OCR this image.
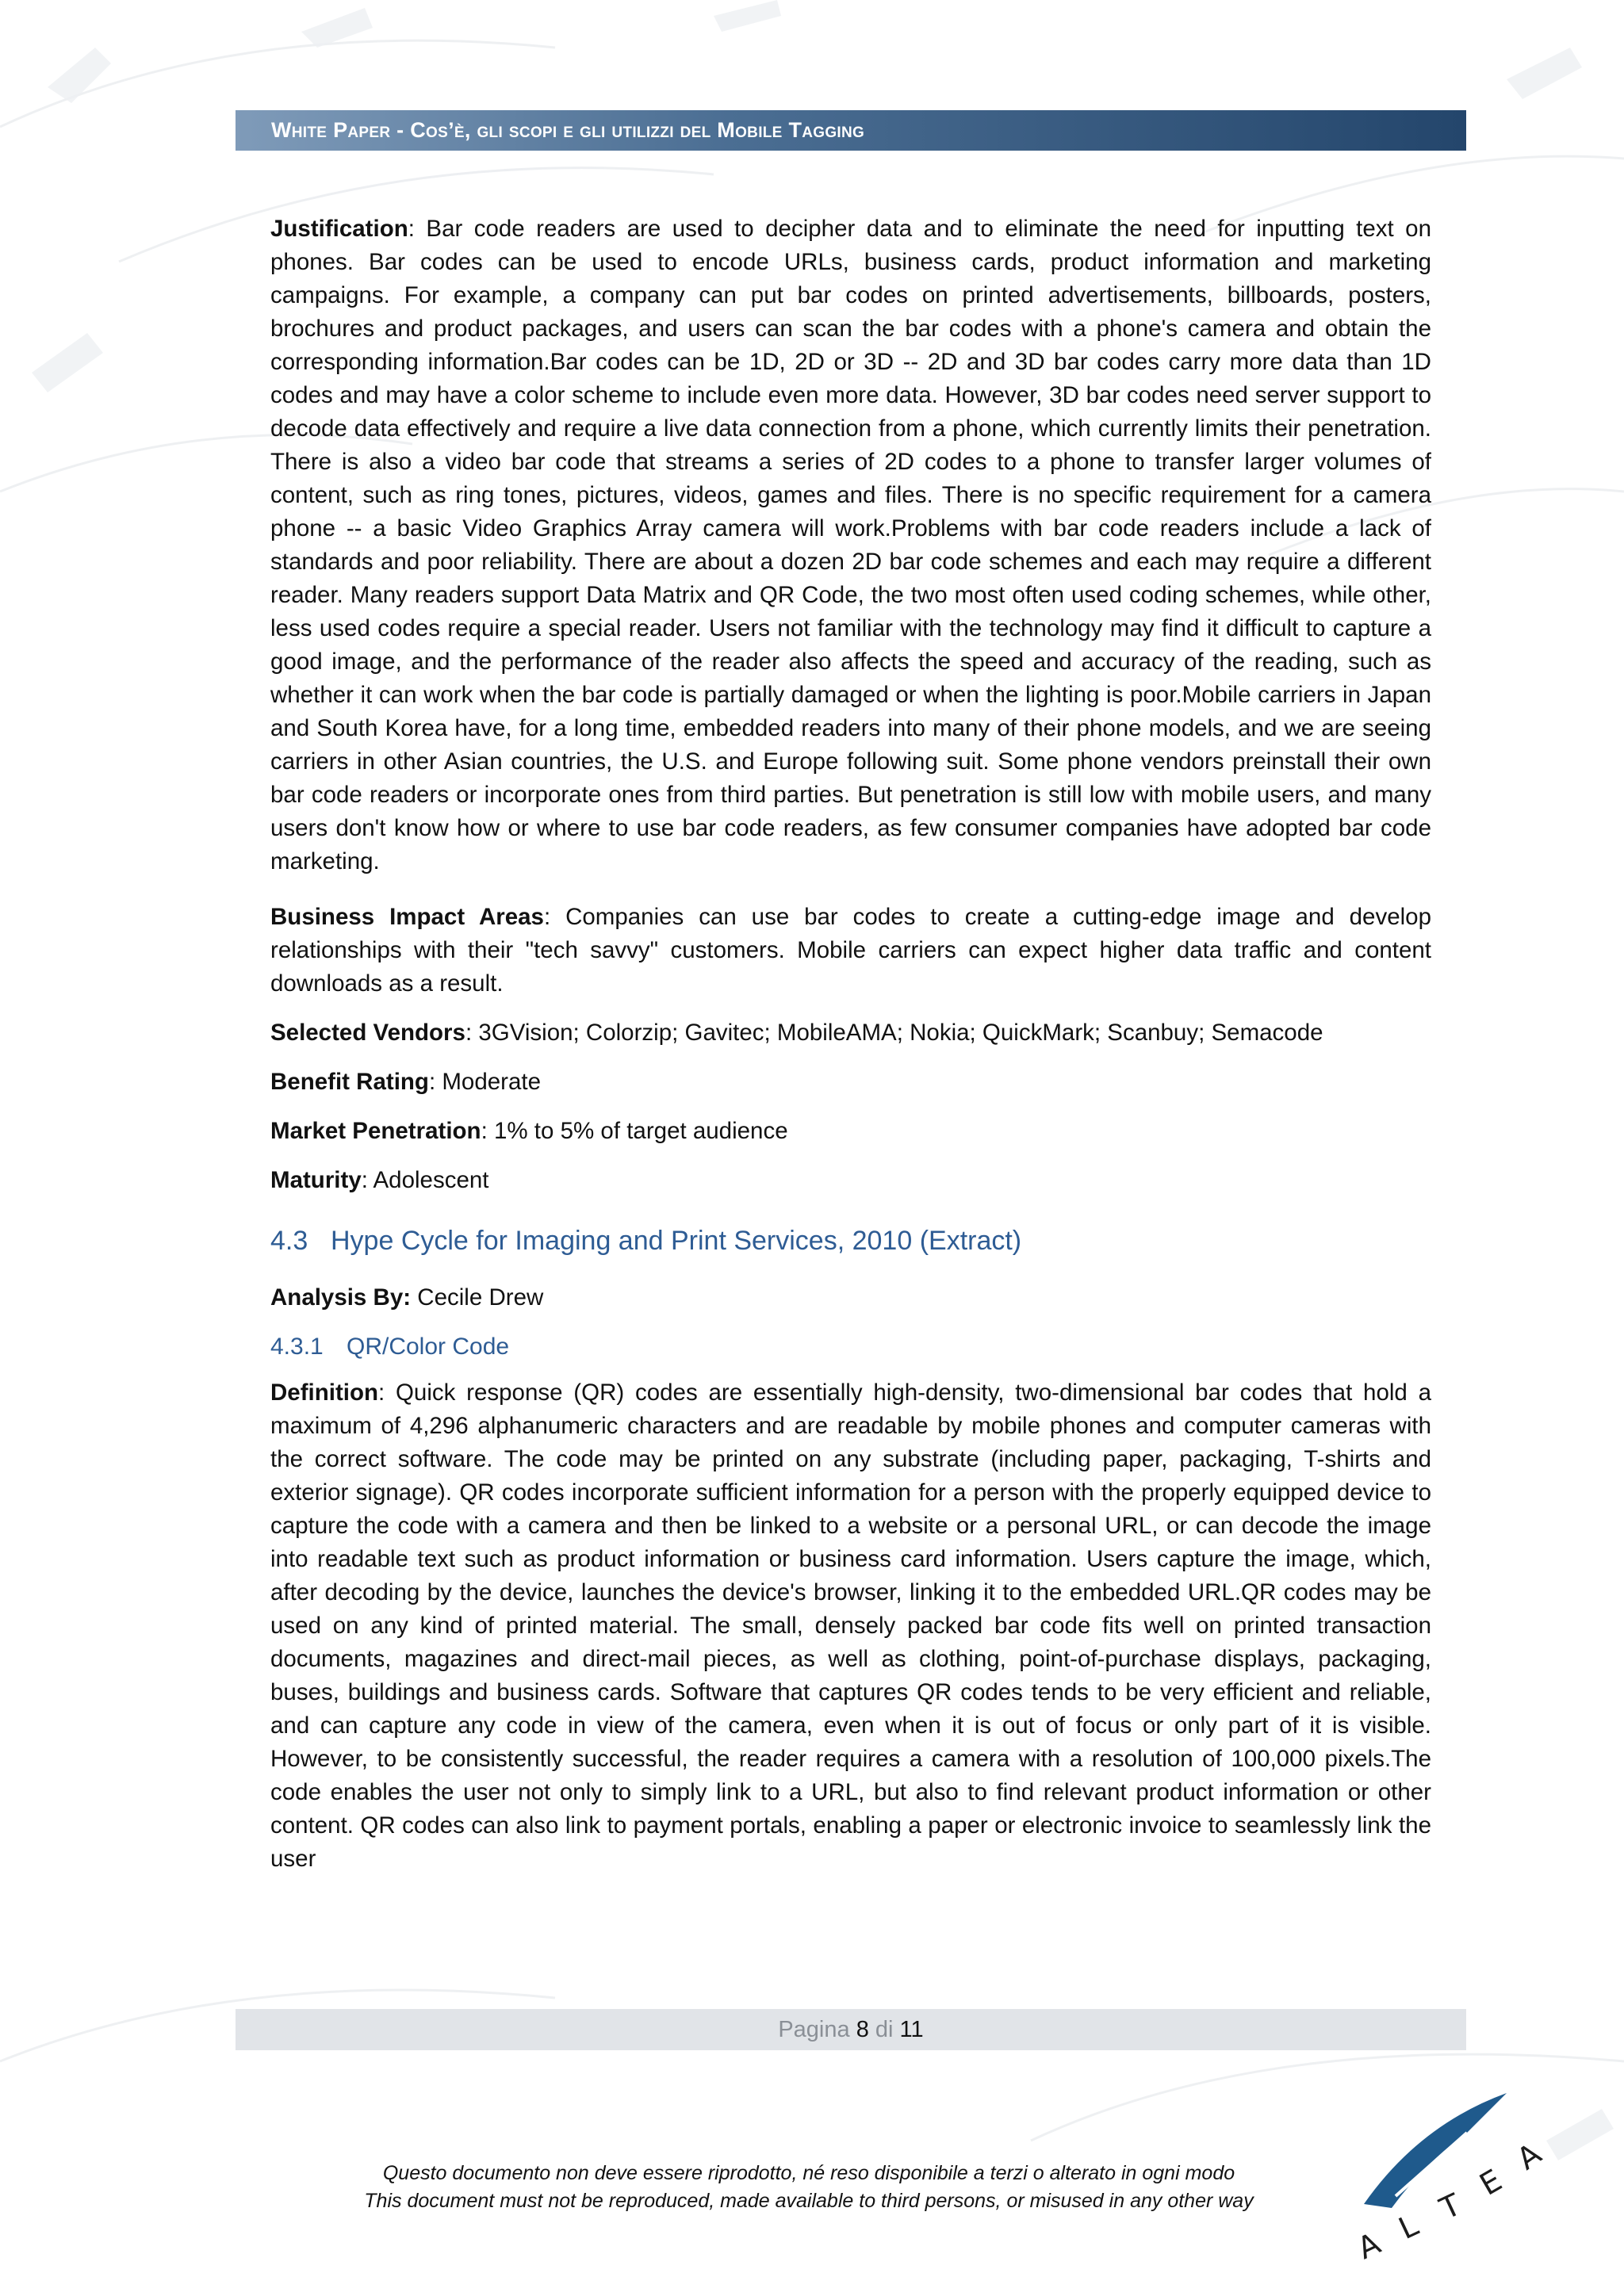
White Paper - Cos’è, gli scopi e gli utilizzi del Mobile Tagging

Justification: Bar code readers are used to decipher data and to eliminate the need for inputting text on phones. Bar codes can be used to encode URLs, business cards, product information and marketing campaigns. For example, a company can put bar codes on printed advertisements, billboards, posters, brochures and product packages, and users can scan the bar codes with a phone's camera and obtain the corresponding information.Bar codes can be 1D, 2D or 3D -- 2D and 3D bar codes carry more data than 1D codes and may have a color scheme to include even more data. However, 3D bar codes need server support to decode data effectively and require a live data connection from a phone, which currently limits their penetration. There is also a video bar code that streams a series of 2D codes to a phone to transfer larger volumes of content, such as ring tones, pictures, videos, games and files. There is no specific requirement for a camera phone -- a basic Video Graphics Array camera will work.Problems with bar code readers include a lack of standards and poor reliability. There are about a dozen 2D bar code schemes and each may require a different reader. Many readers support Data Matrix and QR Code, the two most often used coding schemes, while other, less used codes require a special reader. Users not familiar with the technology may find it difficult to capture a good image, and the performance of the reader also affects the speed and accuracy of the reading, such as whether it can work when the bar code is partially damaged or when the lighting is poor.Mobile carriers in Japan and South Korea have, for a long time, embedded readers into many of their phone models, and we are seeing carriers in other Asian countries, the U.S. and Europe following suit. Some phone vendors preinstall their own bar code readers or incorporate ones from third parties. But penetration is still low with mobile users, and many users don't know how or where to use bar code readers, as few consumer companies have adopted bar code marketing.

Business Impact Areas: Companies can use bar codes to create a cutting-edge image and develop relationships with their "tech savvy" customers. Mobile carriers can expect higher data traffic and content downloads as a result.

Selected Vendors: 3GVision; Colorzip; Gavitec; MobileAMA; Nokia; QuickMark; Scanbuy; Semacode

Benefit Rating: Moderate

Market Penetration: 1% to 5% of target audience

Maturity: Adolescent

4.3 Hype Cycle for Imaging and Print Services, 2010 (Extract)

Analysis By: Cecile Drew

4.3.1 QR/Color Code

Definition: Quick response (QR) codes are essentially high-density, two-dimensional bar codes that hold a maximum of 4,296 alphanumeric characters and are readable by mobile phones and computer cameras with the correct software. The code may be printed on any substrate (including paper, packaging, T-shirts and exterior signage). QR codes incorporate sufficient information for a person with the properly equipped device to capture the code with a camera and then be linked to a website or a personal URL, or can decode the image into readable text such as product information or business card information. Users capture the image, which, after decoding by the device, launches the device's browser, linking it to the embedded URL.QR codes may be used on any kind of printed material. The small, densely packed bar code fits well on printed transaction documents, magazines and direct-mail pieces, as well as clothing, point-of-purchase displays, packaging, buses, buildings and business cards. Software that captures QR codes tends to be very efficient and reliable, and can capture any code in view of the camera, even when it is out of focus or only part of it is visible. However, to be consistently successful, the reader requires a camera with a resolution of 100,000 pixels.The code enables the user not only to simply link to a URL, but also to find relevant product information or other content. QR codes can also link to payment portals, enabling a paper or electronic invoice to seamlessly link the user

Pagina
8
di
11
Questo documento non deve essere riprodotto, né reso disponibile a terzi o alterato in ogni modo
This document must not be reproduced, made available to third persons, or misused in any other way
A L
T
E
A
